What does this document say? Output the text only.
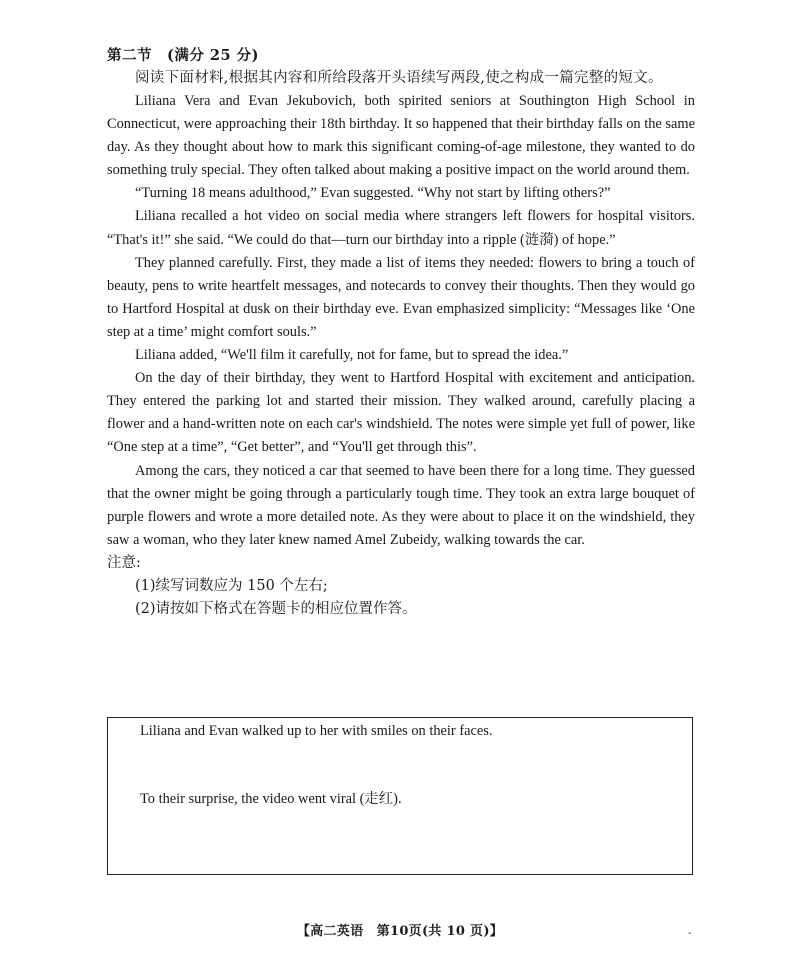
第二节　(满分 25 分)

阅读下面材料,根据其内容和所给段落开头语续写两段,使之构成一篇完整的短文。

Liliana Vera and Evan Jekubovich, both spirited seniors at Southington High School in Connecticut, were approaching their 18th birthday. It so happened that their birthday falls on the same day. As they thought about how to mark this significant coming-of-age milestone, they wanted to do something truly special. They often talked about making a positive impact on the world around them.

“Turning 18 means adulthood,” Evan suggested. “Why not start by lifting others?”

Liliana recalled a hot video on social media where strangers left flowers for hospital visitors. “That's it!” she said. “We could do that—turn our birthday into a ripple (涟漪) of hope.”

They planned carefully. First, they made a list of items they needed: flowers to bring a touch of beauty, pens to write heartfelt messages, and notecards to convey their thoughts. Then they would go to Hartford Hospital at dusk on their birthday eve. Evan emphasized simplicity: “Messages like ‘One step at a time’ might comfort souls.”

Liliana added, “We'll film it carefully, not for fame, but to spread the idea.”

On the day of their birthday, they went to Hartford Hospital with excitement and anticipation. They entered the parking lot and started their mission. They walked around, carefully placing a flower and a hand-written note on each car's windshield. The notes were simple yet full of power, like “One step at a time”, “Get better”, and “You'll get through this”.

Among the cars, they noticed a car that seemed to have been there for a long time. They guessed that the owner might be going through a particularly tough time. They took an extra large bouquet of purple flowers and wrote a more detailed note. As they were about to place it on the windshield, they saw a woman, who they later knew named Amel Zubeidy, walking towards the car.

注意:

(1)续写词数应为 150 个左右;

(2)请按如下格式在答题卡的相应位置作答。

Liliana and Evan walked up to her with smiles on their faces.

To their surprise, the video went viral (走红).

【高二英语　第10页(共 10 页)】	-
